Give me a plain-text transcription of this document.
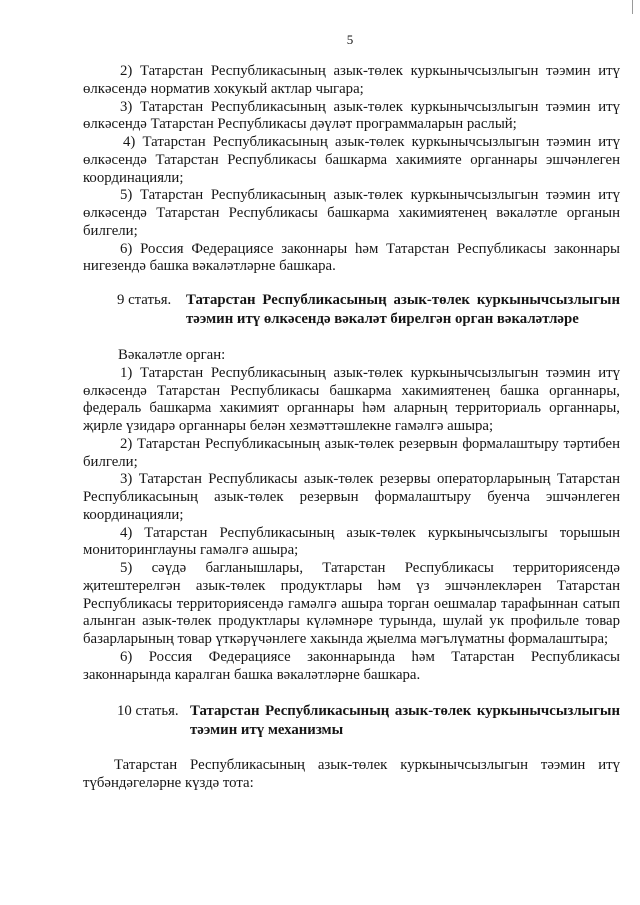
5
2) Татарстан Республикасының азык-төлек куркынычсызлыгын тәэмин итү
өлкәсендә норматив хокукый актлар чыгара;
3) Татарстан Республикасының азык-төлек куркынычсызлыгын тәэмин итү
өлкәсендә Татарстан Республикасы дәүләт программаларын раслый;
4) Татарстан Республикасының азык-төлек куркынычсызлыгын тәэмин итү
өлкәсендә Татарстан Республикасы башкарма хакимияте органнары эшчәнлеген
координацияли;
5) Татарстан Республикасының азык-төлек куркынычсызлыгын тәэмин итү
өлкәсендә Татарстан Республикасы башкарма хакимиятенең вәкаләтле органын
билгели;
6) Россия Федерациясе законнары һәм Татарстан Республикасы законнары
нигезендә башка вәкаләтләрне башкара.
9 статья. Татарстан Республикасының азык-төлек куркынычсызлыгын
тәэмин итү өлкәсендә вәкаләт бирелгән орган вәкаләтләре
Вәкаләтле орган:
1) Татарстан Республикасының азык-төлек куркынычсызлыгын тәэмин итү
өлкәсендә Татарстан Республикасы башкарма хакимиятенең башка органнары,
федераль башкарма хакимият органнары һәм аларның территориаль органнары,
җирле үзидарә органнары белән хезмәттәшлекне гамәлгә ашыра;
2) Татарстан Республикасының азык-төлек резервын формалаштыру тәртибен
билгели;
3) Татарстан Республикасы азык-төлек резервы операторларының Татарстан
Республикасының азык-төлек резервын формалаштыру буенча эшчәнлеген
координацияли;
4) Татарстан Республикасының азык-төлек куркынычсызлыгы торышын
мониторинглауны гамәлгә ашыра;
5) сәүдә багланышлары, Татарстан Республикасы территориясендә
җитештерелгән азык-төлек продуктлары һәм үз эшчәнлекләрен Татарстан
Республикасы территориясендә гамәлгә ашыра торган оешмалар тарафыннан сатып
алынган азык-төлек продуктлары күләмнәре турында, шулай ук профильле товар
базарларының товар үткәрүчәнлеге хакында җыелма мәгълүматны формалаштыра;
6) Россия Федерациясе законнарында һәм Татарстан Республикасы
законнарында каралган башка вәкаләтләрне башкара.
10 статья. Татарстан Республикасының азык-төлек куркынычсызлыгын
тәэмин итү механизмы
Татарстан Республикасының азык-төлек куркынычсызлыгын тәэмин итү
түбәндәгеләрне күздә тота:
